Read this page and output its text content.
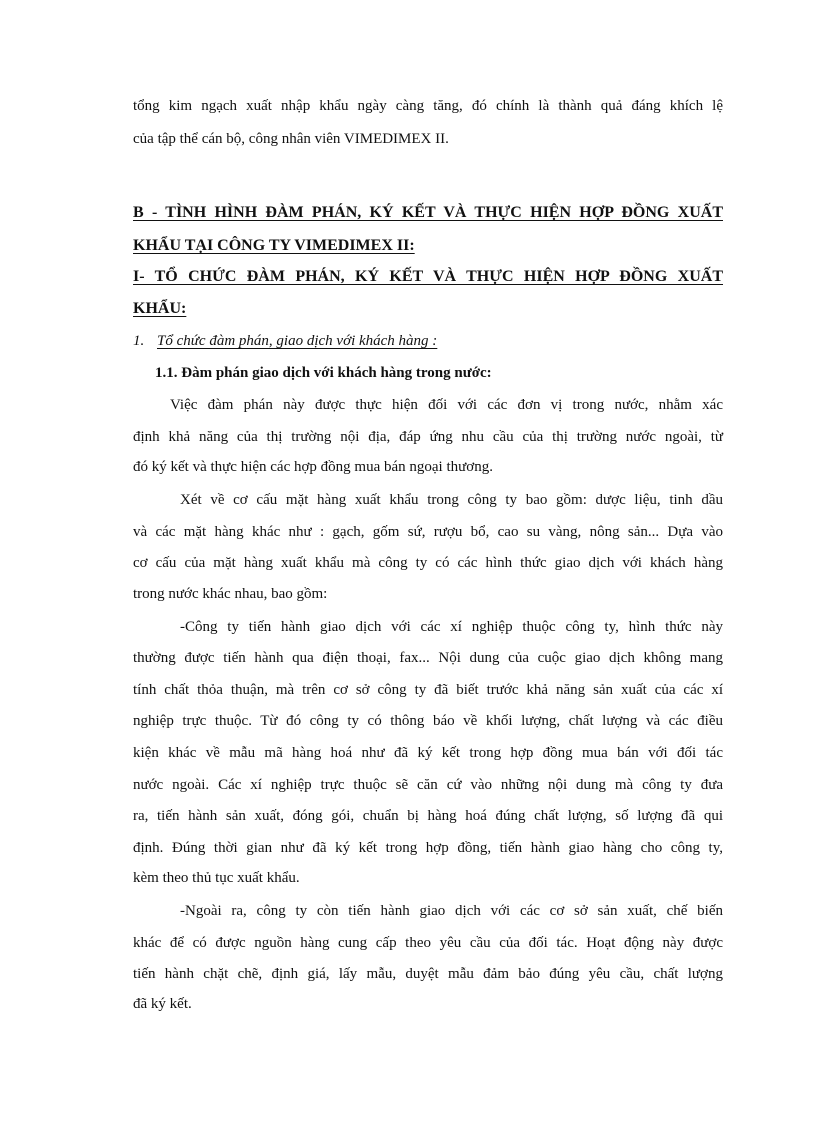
tổng kim ngạch xuất nhập khẩu ngày càng tăng, đó chính là thành quả đáng khích lệ
của tập thể cán bộ, công nhân viên VIMEDIMEX II.
B - TÌNH HÌNH ĐÀM PHÁN, KÝ KẾT VÀ THỰC HIỆN HỢP ĐỒNG XUẤT
KHẨU TẠI CÔNG TY VIMEDIMEX II:
I- TỔ CHỨC ĐÀM PHÁN, KÝ KẾT VÀ THỰC HIỆN HỢP ĐỒNG XUẤT
KHẨU:
1. Tổ chức đàm phán, giao dịch với khách hàng :
1.1. Đàm phán giao dịch với khách hàng trong nước:
Việc đàm phán này được thực hiện đối với các đơn vị trong nước, nhằm xác
định khả năng của thị trường nội địa, đáp ứng nhu cầu của thị trường nước ngoài, từ
đó ký kết và thực hiện các hợp đồng mua bán ngoại thương.
Xét về cơ cấu mặt hàng xuất khẩu trong công ty bao gồm: dược liệu, tinh dầu
và các mặt hàng khác như : gạch, gốm sứ, rượu bổ, cao su vàng, nông sản... Dựa vào
cơ cấu của mặt hàng xuất khẩu mà công ty có các hình thức giao dịch với khách hàng
trong nước khác nhau, bao gồm:
-Công ty tiến hành giao dịch với các xí nghiệp thuộc công ty, hình thức này
thường được tiến hành qua điện thoại, fax... Nội dung của cuộc giao dịch không mang
tính chất thỏa thuận, mà trên cơ sở công ty đã biết trước khả năng sản xuất của các xí
nghiệp trực thuộc. Từ đó công ty có thông báo về khối lượng, chất lượng và các điều
kiện khác về mẫu mã hàng hoá như đã ký kết trong hợp đồng mua bán với đối tác
nước ngoài. Các xí nghiệp trực thuộc sẽ căn cứ vào những nội dung mà công ty đưa
ra, tiến hành sản xuất, đóng gói, chuẩn bị hàng hoá đúng chất lượng, số lượng đã qui
định. Đúng thời gian như đã ký kết trong hợp đồng, tiến hành giao hàng cho công ty,
kèm theo thủ tục xuất khẩu.
-Ngoài ra, công ty còn tiến hành giao dịch với các cơ sở sản xuất, chế biến
khác để có được nguồn hàng cung cấp theo yêu cầu của đối tác. Hoạt động này được
tiến hành chặt chẽ, định giá, lấy mẫu, duyệt mẫu đảm bảo đúng yêu cầu, chất lượng
đã ký kết.
